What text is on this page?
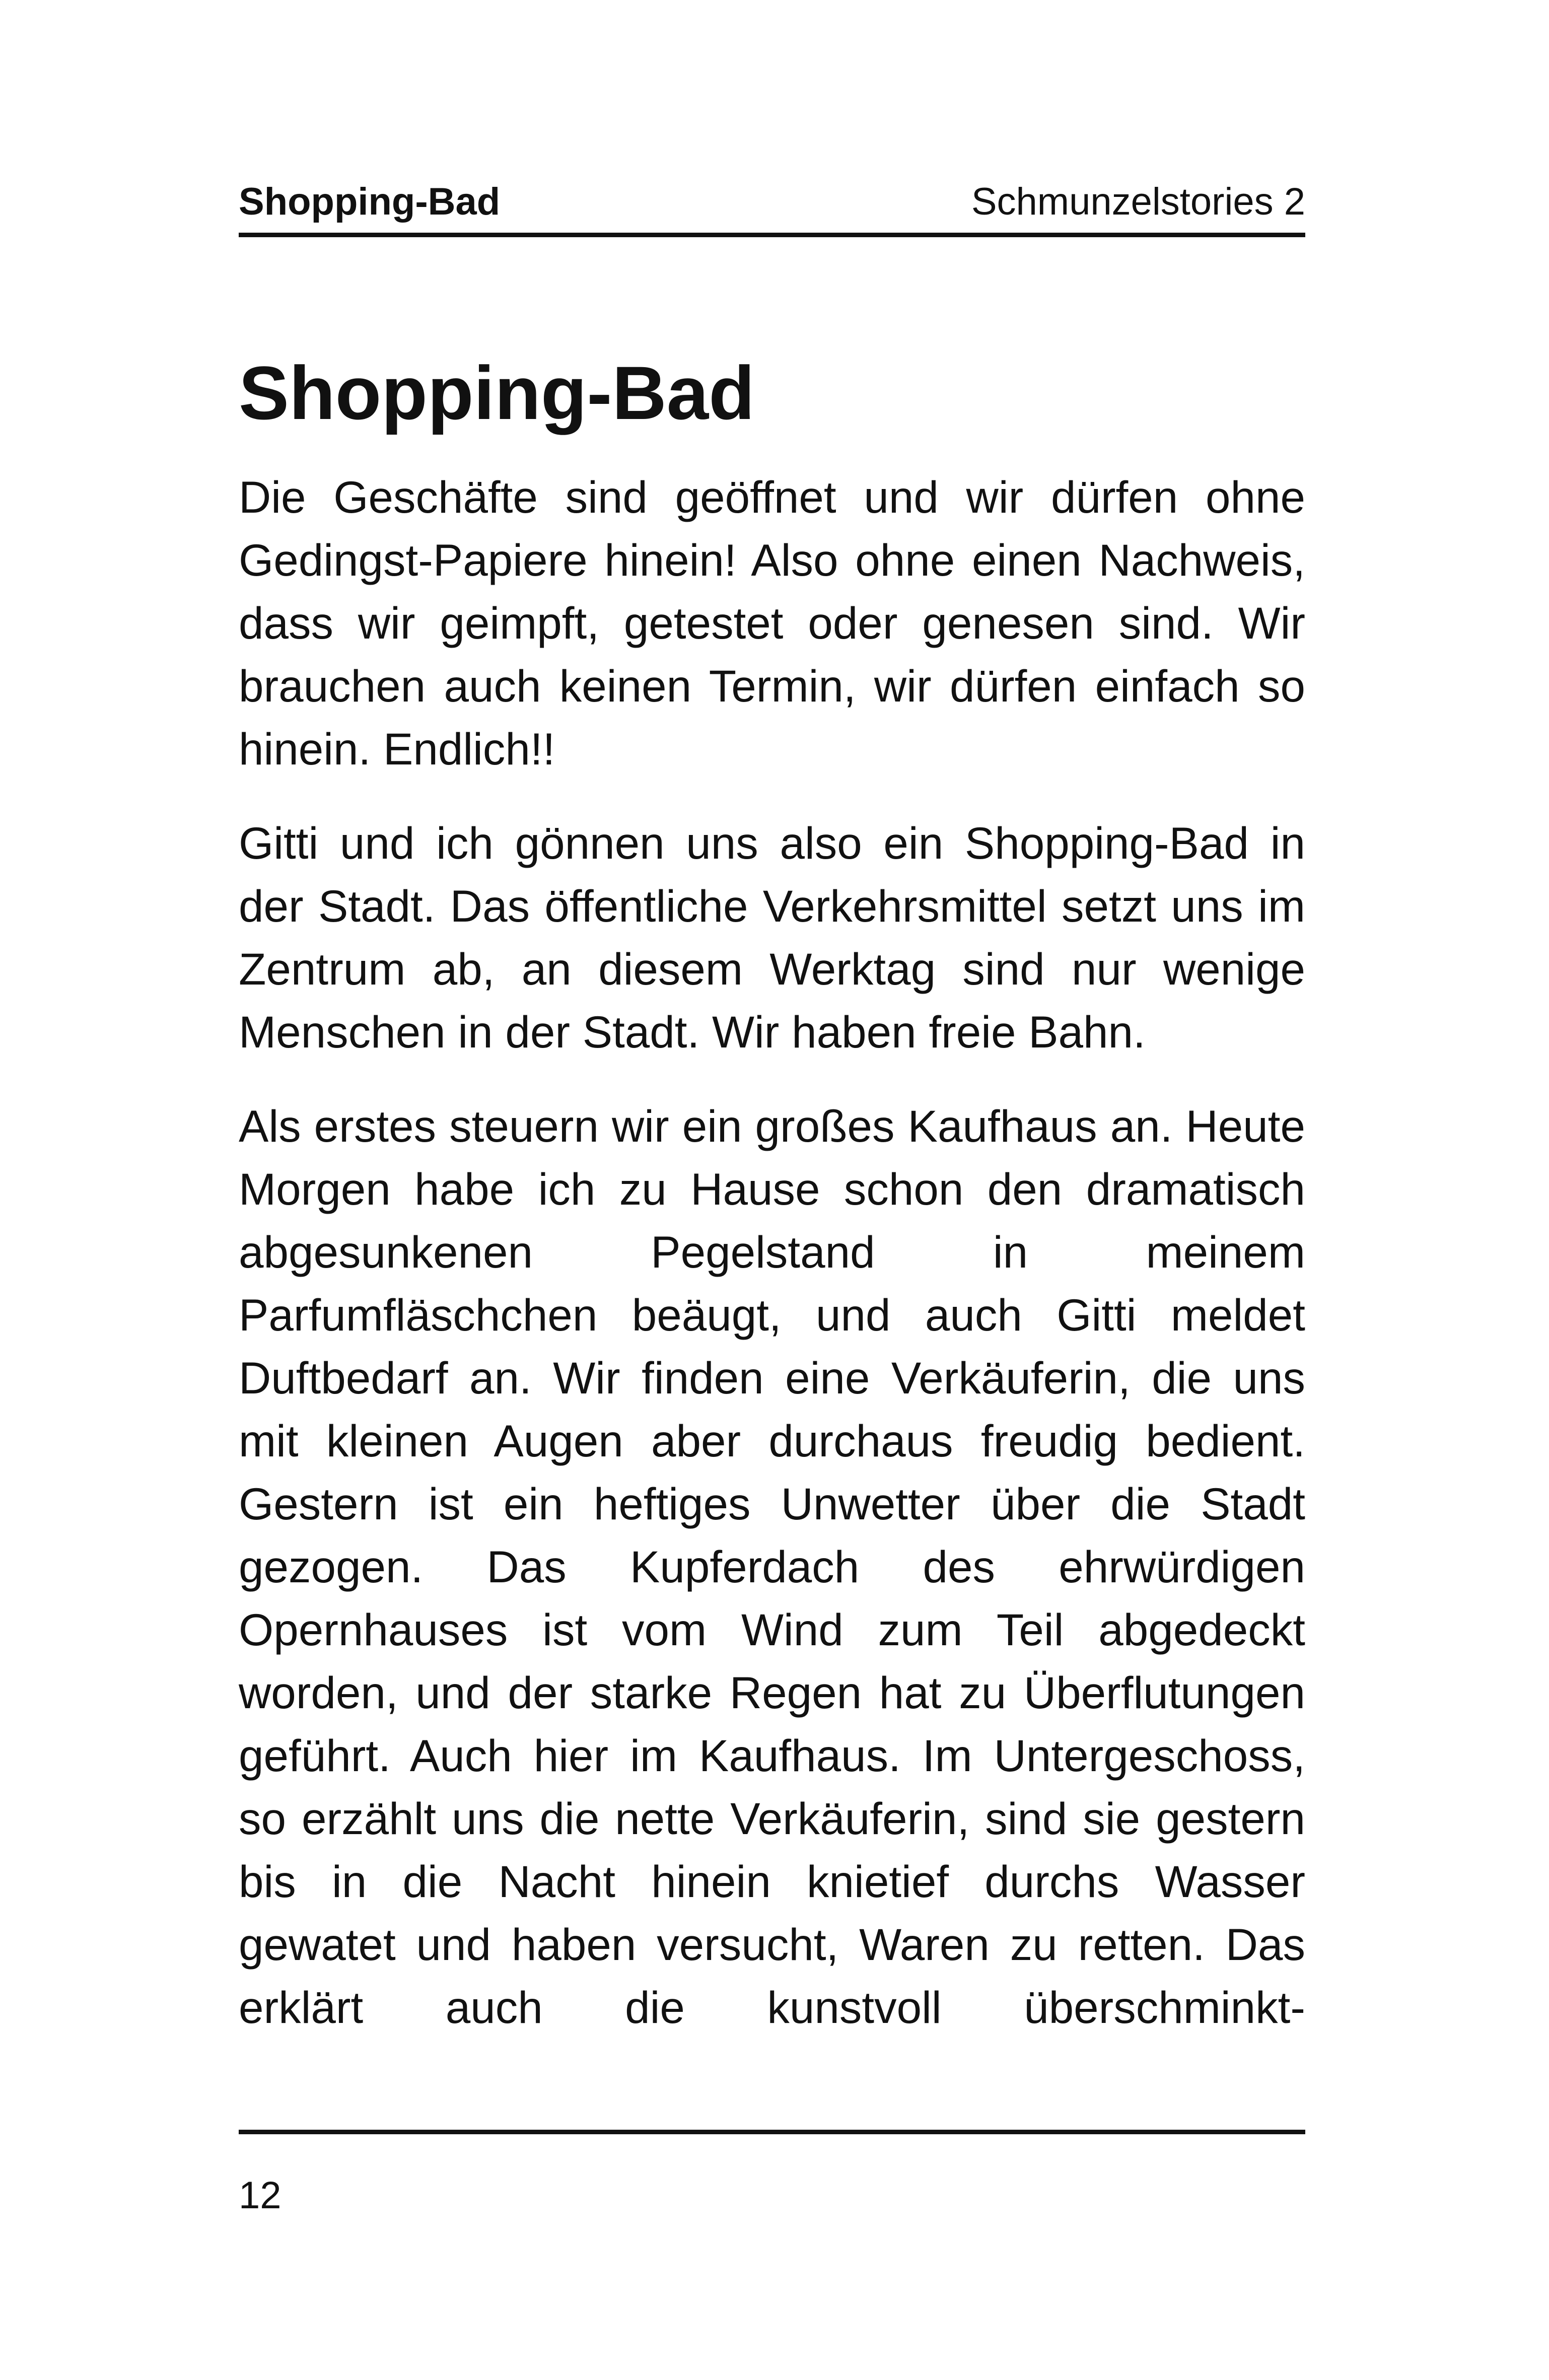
Shopping-Bad	Schmunzelstories 2
Shopping-Bad

Die Geschäfte sind geöffnet und wir dürfen ohne Gedingst-Papiere hinein! Also ohne einen Nachweis, dass wir geimpft, getestet oder genesen sind. Wir brauchen auch keinen Termin, wir dürfen einfach so hinein. Endlich!!

Gitti und ich gönnen uns also ein Shopping-Bad in der Stadt. Das öffentliche Verkehrsmittel setzt uns im Zentrum ab, an diesem Werktag sind nur wenige Menschen in der Stadt. Wir haben freie Bahn.

Als erstes steuern wir ein großes Kaufhaus an. Heute Morgen habe ich zu Hause schon den dramatisch abgesunkenen Pegelstand in meinem Parfumfläschchen beäugt, und auch Gitti meldet Duftbedarf an. Wir finden eine Verkäuferin, die uns mit kleinen Augen aber durchaus freudig bedient. Gestern ist ein heftiges Unwetter über die Stadt gezogen. Das Kupferdach des ehrwürdigen Opernhauses ist vom Wind zum Teil abgedeckt worden, und der starke Regen hat zu Überflutungen geführt. Auch hier im Kaufhaus. Im Untergeschoss, so erzählt uns die nette Verkäuferin, sind sie gestern bis in die Nacht hinein knietief durchs Wasser gewatet und haben versucht, Waren zu retten. Das erklärt auch die kunstvoll überschminkt-

12
